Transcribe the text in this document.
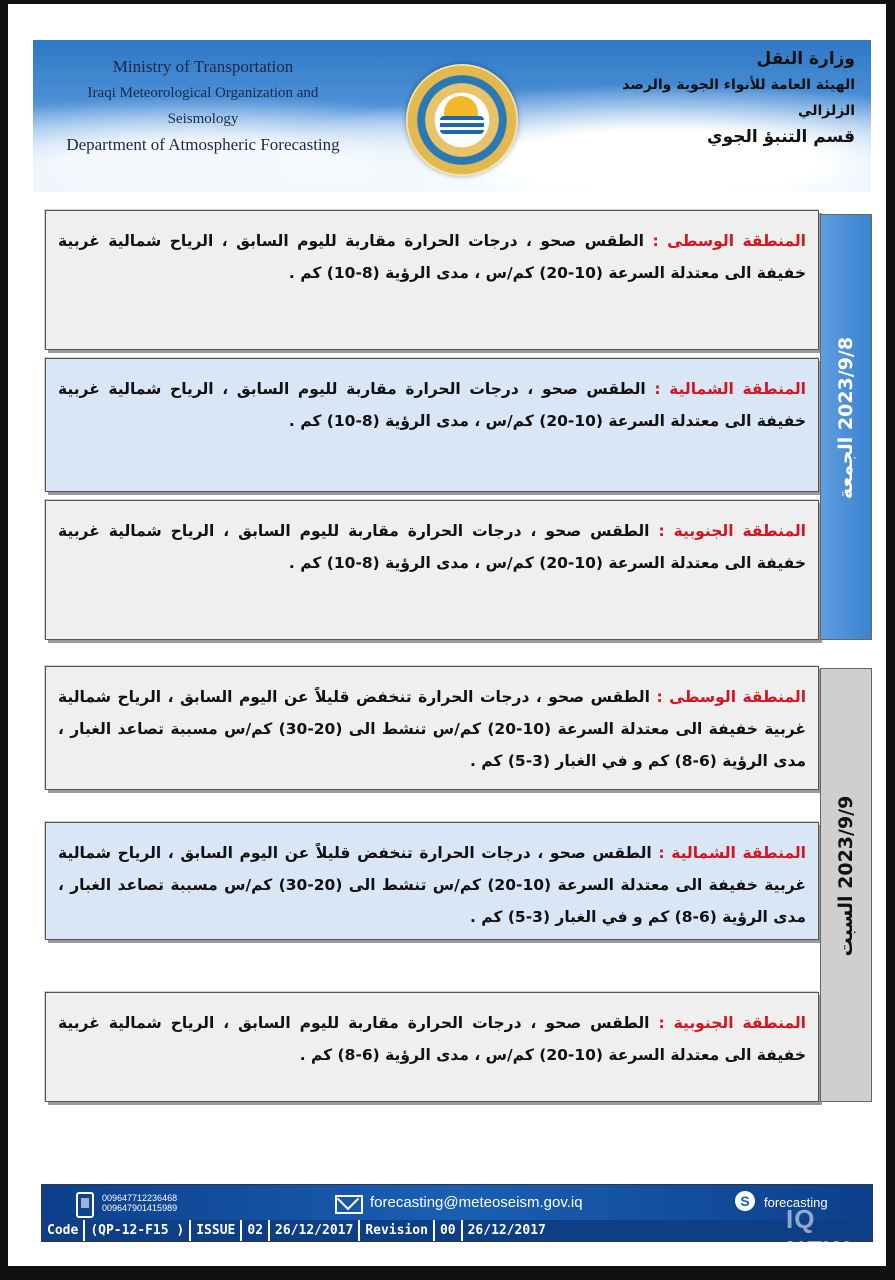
Ministry of Transportation
Iraqi Meteorological Organization and Seismology
Department of Atmospheric Forecasting
وزارة النقل
الهيئة العامة للأنواء الجوية والرصد الزلزالي
قسم التنبؤ الجوي

المنطقة الوسطى : الطقس صحو ، درجات الحرارة مقاربة لليوم السابق ، الرياح شمالية غربية خفيفة الى معتدلة السرعة (10-20) كم/س ، مدى الرؤية (8-10) كم .

المنطقة الشمالية : الطقس صحو ، درجات الحرارة مقاربة لليوم السابق ، الرياح شمالية غربية خفيفة الى معتدلة السرعة (10-20) كم/س ، مدى الرؤية (8-10) كم .

المنطقة الجنوبية : الطقس صحو ، درجات الحرارة مقاربة لليوم السابق ، الرياح شمالية غربية خفيفة الى معتدلة السرعة (10-20) كم/س ، مدى الرؤية (8-10) كم .

2023/9/8 الجمعة

المنطقة الوسطى : الطقس صحو ، درجات الحرارة تنخفض قليلاً عن اليوم السابق ، الرياح شمالية غربية خفيفة الى معتدلة السرعة (10-20) كم/س تنشط الى (20-30) كم/س مسببة تصاعد الغبار ، مدى الرؤية (6-8) كم و في الغبار (3-5) كم .

المنطقة الشمالية : الطقس صحو ، درجات الحرارة تنخفض قليلاً عن اليوم السابق ، الرياح شمالية غربية خفيفة الى معتدلة السرعة (10-20) كم/س تنشط الى (20-30) كم/س مسببة تصاعد الغبار ، مدى الرؤية (6-8) كم و في الغبار (3-5) كم .

المنطقة الجنوبية : الطقس صحو ، درجات الحرارة مقاربة لليوم السابق ، الرياح شمالية غربية خفيفة الى معتدلة السرعة (10-20) كم/س ، مدى الرؤية (6-8) كم .

2023/9/9 السبت
009647712236468
009647901415989	forecasting@meteoseism.gov.iq	S	forecasting
Code (QP-12-F15 ) ISSUE 02 26/12/2017 Revision 00 26/12/2017	IQ NEW
